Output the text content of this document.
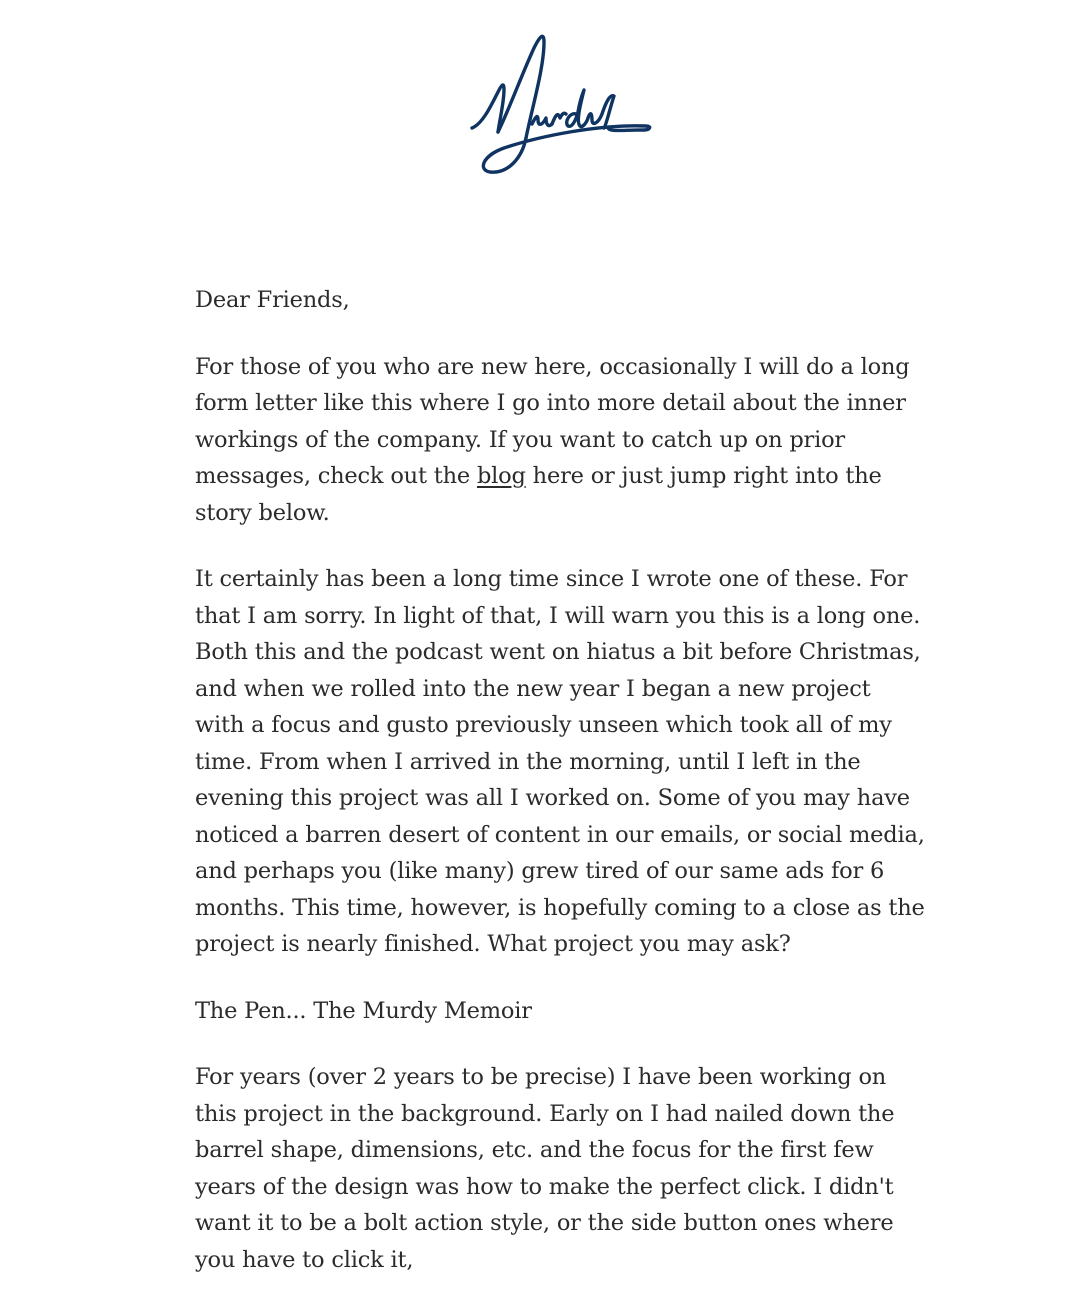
Dear Friends,

For those of you who are new here, occasionally I will do a long form letter like this where I go into more detail about the inner workings of the company. If you want to catch up on prior messages, check out the blog here or just jump right into the story below.

It certainly has been a long time since I wrote one of these. For that I am sorry. In light of that, I will warn you this is a long one. Both this and the podcast went on hiatus a bit before Christmas, and when we rolled into the new year I began a new project with a focus and gusto previously unseen which took all of my time. From when I arrived in the morning, until I left in the evening this project was all I worked on. Some of you may have noticed a barren desert of content in our emails, or social media, and perhaps you (like many) grew tired of our same ads for 6 months. This time, however, is hopefully coming to a close as the project is nearly finished. What project you may ask?

The Pen... The Murdy Memoir

For years (over 2 years to be precise) I have been working on this project in the background. Early on I had nailed down the barrel shape, dimensions, etc. and the focus for the first few years of the design was how to make the perfect click. I didn't want it to be a bolt action style, or the side button ones where you have to click it,
